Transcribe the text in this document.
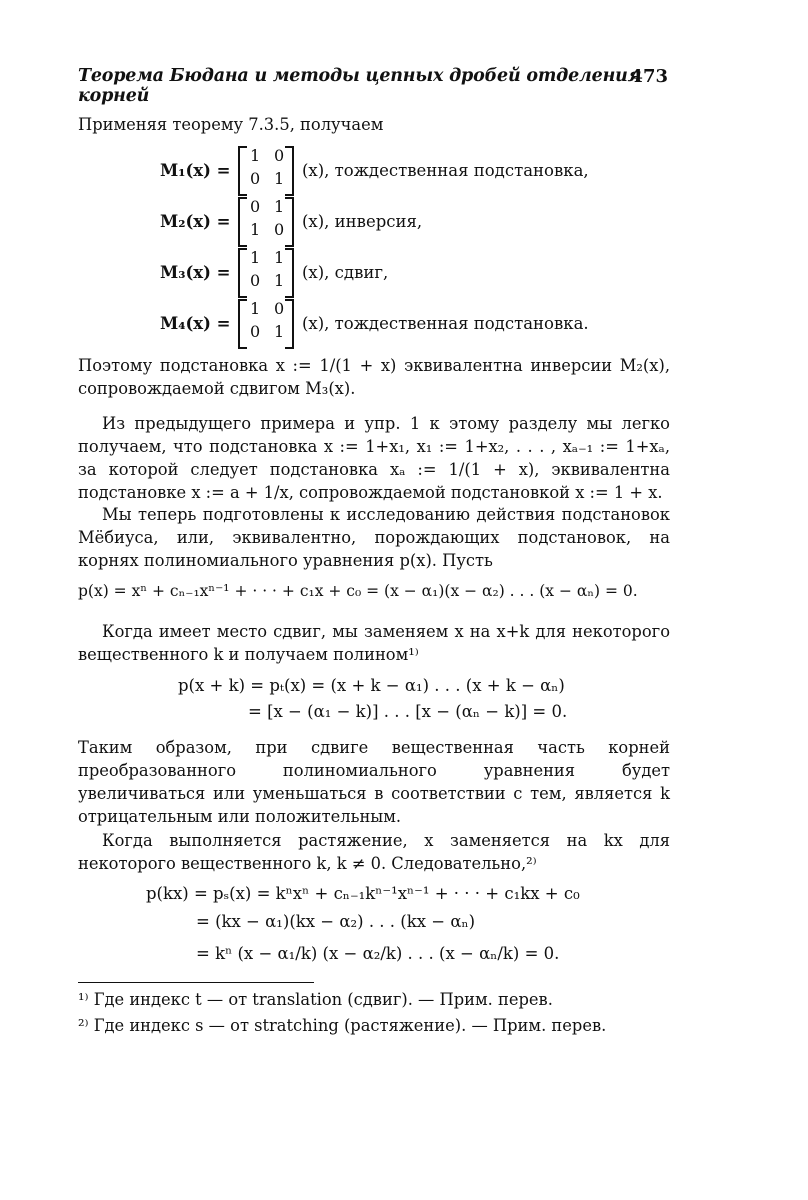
Теорема Бюдана и методы цепных дробей отделения корней
473
Применяя теорему 7.3.5, получаем
M₁(x) =
1 0
0 1 (x), тождественная подстановка,
M₂(x) =
0 1
1 0 (x), инверсия,
M₃(x) =
1 1
0 1 (x), сдвиг,
M₄(x) =
1 0
0 1 (x), тождественная подстановка.
Поэтому подстановка x := 1/(1 + x) эквивалентна инверсии M₂(x), сопровождаемой сдвигом M₃(x).
Из предыдущего примера и упр. 1 к этому разделу мы легко получаем, что подстановка x := 1+x₁, x₁ := 1+x₂, . . . , xₐ₋₁ := 1+xₐ, за которой следует подстановка xₐ := 1/(1 + x), эквивалентна подстановке x := a + 1/x, сопровождаемой подстановкой x := 1 + x.
Мы теперь подготовлены к исследованию действия подстановок Мёбиуса, или, эквивалентно, порождающих подстановок, на корнях полиномиального уравнения p(x). Пусть
p(x) = xⁿ + cₙ₋₁xⁿ⁻¹ + · · · + c₁x + c₀ = (x − α₁)(x − α₂) . . . (x − αₙ) = 0.
Когда имеет место сдвиг, мы заменяем x на x+k для некоторого вещественного k и получаем полином¹⁾
p(x + k) = pₜ(x) = (x + k − α₁) . . . (x + k − αₙ)
= [x − (α₁ − k)] . . . [x − (αₙ − k)] = 0.
Таким образом, при сдвиге вещественная часть корней преобразованного полиномиального уравнения будет увеличиваться или уменьшаться в соответствии с тем, является k отрицательным или положительным.
Когда выполняется растяжение, x заменяется на kx для некоторого вещественного k, k ≠ 0. Следовательно,²⁾
p(kx) = pₛ(x) = kⁿxⁿ + cₙ₋₁kⁿ⁻¹xⁿ⁻¹ + · · · + c₁kx + c₀
= (kx − α₁)(kx − α₂) . . . (kx − αₙ)
= kⁿ (x − α₁/k) (x − α₂/k) . . . (x − αₙ/k) = 0.
¹⁾ Где индекс t — от translation (сдвиг). — Прим. перев.
²⁾ Где индекс s — от stratching (растяжение). — Прим. перев.
